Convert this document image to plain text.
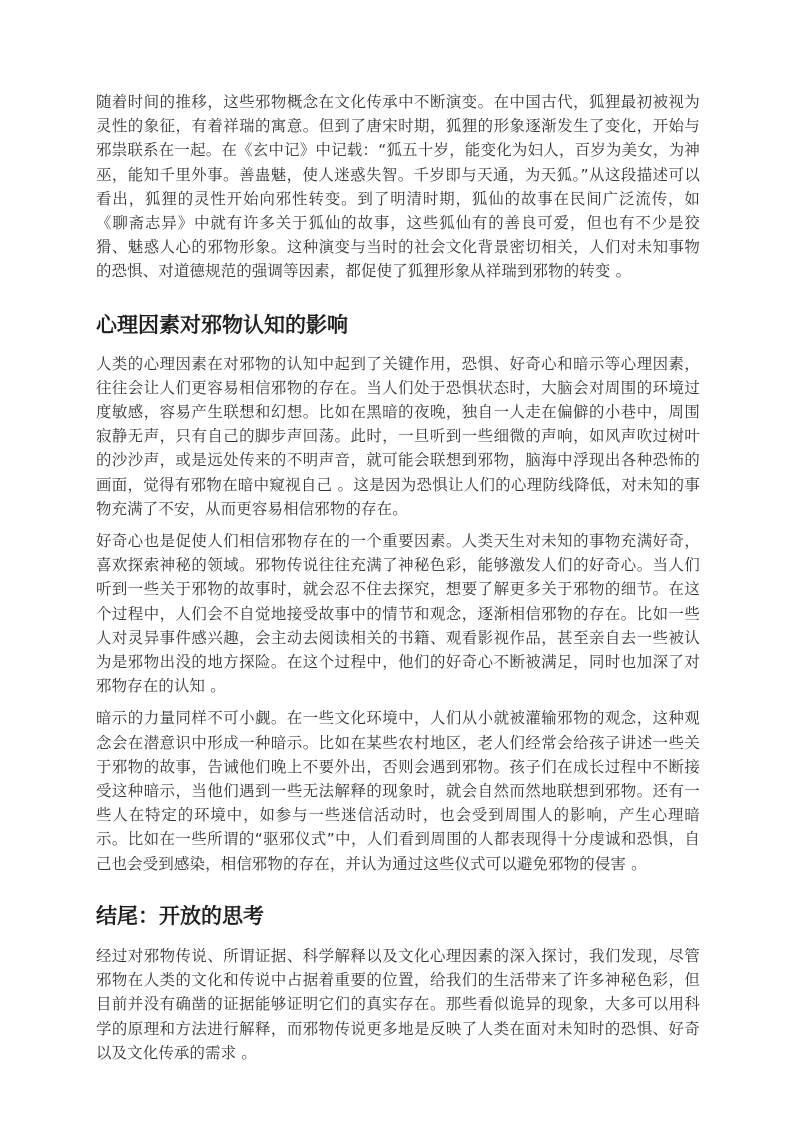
随着时间的推移，这些邪物概念在文化传承中不断演变。在中国古代，狐狸最初被视为灵性的象征，有着祥瑞的寓意。但到了唐宋时期，狐狸的形象逐渐发生了变化，开始与邪祟联系在一起。在《玄中记》中记载：“狐五十岁，能变化为妇人，百岁为美女，为神巫，能知千里外事。善蛊魅，使人迷惑失智。千岁即与天通，为天狐。”从这段描述可以看出，狐狸的灵性开始向邪性转变。到了明清时期，狐仙的故事在民间广泛流传，如《聊斋志异》中就有许多关于狐仙的故事，这些狐仙有的善良可爱，但也有不少是狡猾、魅惑人心的邪物形象。这种演变与当时的社会文化背景密切相关，人们对未知事物的恐惧、对道德规范的强调等因素，都促使了狐狸形象从祥瑞到邪物的转变 。

心理因素对邪物认知的影响

人类的心理因素在对邪物的认知中起到了关键作用，恐惧、好奇心和暗示等心理因素，往往会让人们更容易相信邪物的存在。当人们处于恐惧状态时，大脑会对周围的环境过度敏感，容易产生联想和幻想。比如在黑暗的夜晚，独自一人走在偏僻的小巷中，周围寂静无声，只有自己的脚步声回荡。此时，一旦听到一些细微的声响，如风声吹过树叶的沙沙声，或是远处传来的不明声音，就可能会联想到邪物，脑海中浮现出各种恐怖的画面，觉得有邪物在暗中窥视自己 。这是因为恐惧让人们的心理防线降低，对未知的事物充满了不安，从而更容易相信邪物的存在。

好奇心也是促使人们相信邪物存在的一个重要因素。人类天生对未知的事物充满好奇，喜欢探索神秘的领域。邪物传说往往充满了神秘色彩，能够激发人们的好奇心。当人们听到一些关于邪物的故事时，就会忍不住去探究，想要了解更多关于邪物的细节。在这个过程中，人们会不自觉地接受故事中的情节和观念，逐渐相信邪物的存在。比如一些人对灵异事件感兴趣，会主动去阅读相关的书籍、观看影视作品，甚至亲自去一些被认为是邪物出没的地方探险。在这个过程中，他们的好奇心不断被满足，同时也加深了对邪物存在的认知 。

暗示的力量同样不可小觑。在一些文化环境中，人们从小就被灌输邪物的观念，这种观念会在潜意识中形成一种暗示。比如在某些农村地区，老人们经常会给孩子讲述一些关于邪物的故事，告诫他们晚上不要外出，否则会遇到邪物。孩子们在成长过程中不断接受这种暗示，当他们遇到一些无法解释的现象时，就会自然而然地联想到邪物。还有一些人在特定的环境中，如参与一些迷信活动时，也会受到周围人的影响，产生心理暗示。比如在一些所谓的“驱邪仪式”中，人们看到周围的人都表现得十分虔诚和恐惧，自己也会受到感染，相信邪物的存在，并认为通过这些仪式可以避免邪物的侵害 。

结尾：开放的思考

经过对邪物传说、所谓证据、科学解释以及文化心理因素的深入探讨，我们发现，尽管邪物在人类的文化和传说中占据着重要的位置，给我们的生活带来了许多神秘色彩，但目前并没有确凿的证据能够证明它们的真实存在。那些看似诡异的现象，大多可以用科学的原理和方法进行解释，而邪物传说更多地是反映了人类在面对未知时的恐惧、好奇以及文化传承的需求 。
